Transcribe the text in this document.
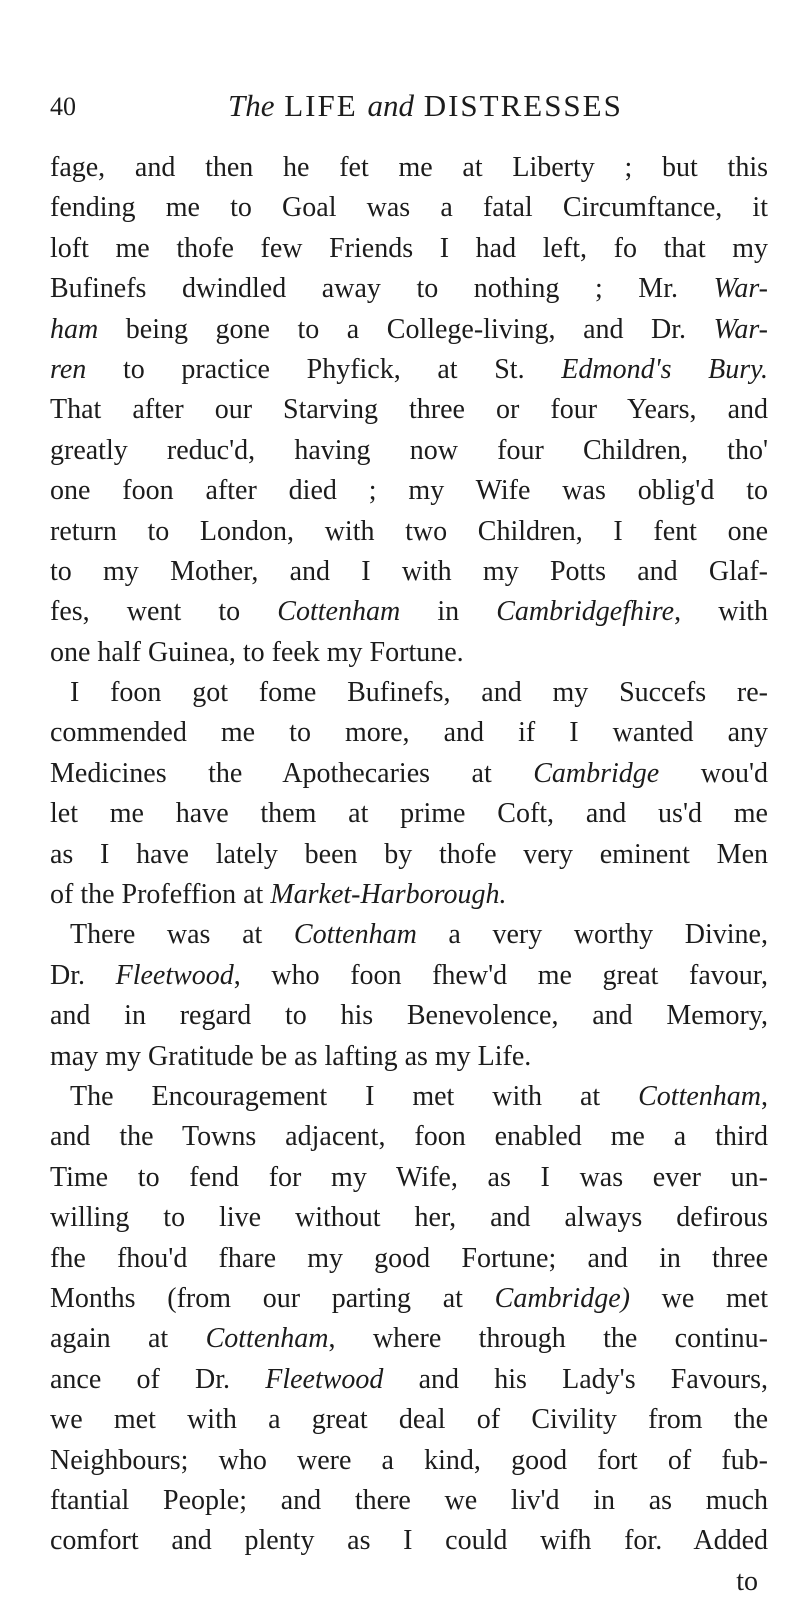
40	The LIFE and DISTRESSES
fage, and then he fet me at Liberty ; but this
fending me to Goal was a fatal Circumftance, it
loft me thofe few Friends I had left, fo that my
Bufinefs dwindled away to nothing ; Mr. War-
ham being gone to a College-living, and Dr. War-
ren to practice Phyfick, at St. Edmond's Bury.
That after our Starving three or four Years, and
greatly reduc'd, having now four Children, tho'
one foon after died ; my Wife was oblig'd to
return to London, with two Children, I fent one
to my Mother, and I with my Potts and Glaf-
fes, went to Cottenham in Cambridgefhire, with
one half Guinea, to feek my Fortune.
I foon got fome Bufinefs, and my Succefs re-
commended me to more, and if I wanted any
Medicines the Apothecaries at Cambridge wou'd
let me have them at prime Coft, and us'd me
as I have lately been by thofe very eminent Men
of the Profeffion at Market-Harborough.
There was at Cottenham a very worthy Divine,
Dr. Fleetwood, who foon fhew'd me great favour,
and in regard to his Benevolence, and Memory,
may my Gratitude be as lafting as my Life.
The Encouragement I met with at Cottenham,
and the Towns adjacent, foon enabled me a third
Time to fend for my Wife, as I was ever un-
willing to live without her, and always defirous
fhe fhou'd fhare my good Fortune; and in three
Months (from our parting at Cambridge) we met
again at Cottenham, where through the continu-
ance of Dr. Fleetwood and his Lady's Favours,
we met with a great deal of Civility from the
Neighbours; who were a kind, good fort of fub-
ftantial People; and there we liv'd in as much
comfort and plenty as I could wifh for. Added
to
